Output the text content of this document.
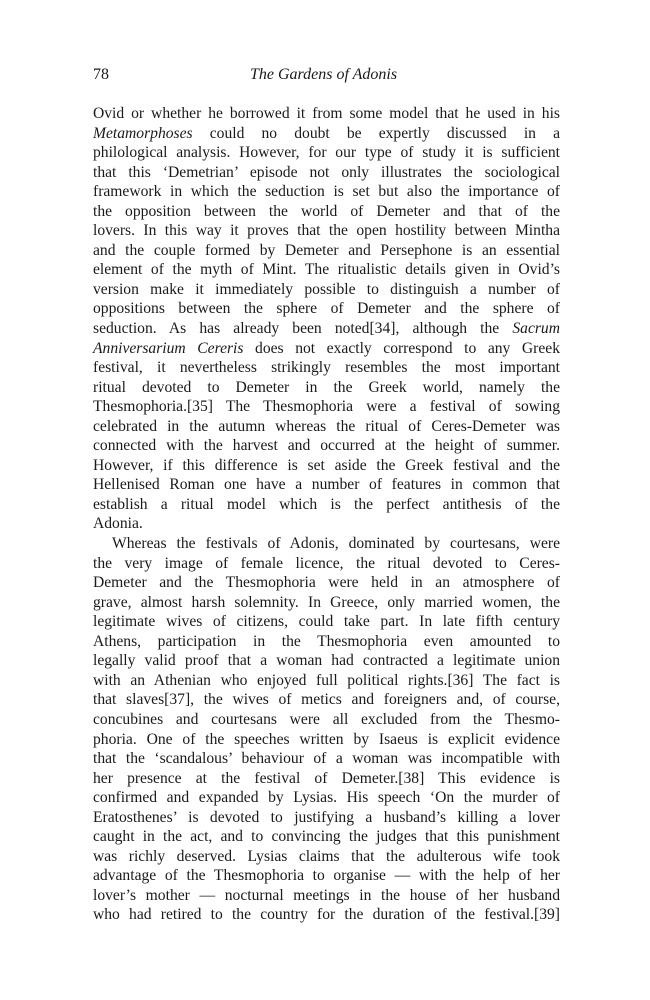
78	The Gardens of Adonis
Ovid or whether he borrowed it from some model that he used in his
Metamorphoses could no doubt be expertly discussed in a
philological analysis. However, for our type of study it is sufficient
that this ‘Demetrian’ episode not only illustrates the sociological
framework in which the seduction is set but also the importance of
the opposition between the world of Demeter and that of the
lovers. In this way it proves that the open hostility between Mintha
and the couple formed by Demeter and Persephone is an essential
element of the myth of Mint. The ritualistic details given in Ovid’s
version make it immediately possible to distinguish a number of
oppositions between the sphere of Demeter and the sphere of
seduction. As has already been noted[34], although the Sacrum
Anniversarium Cereris does not exactly correspond to any Greek
festival, it nevertheless strikingly resembles the most important
ritual devoted to Demeter in the Greek world, namely the
Thesmophoria.[35] The Thesmophoria were a festival of sowing
celebrated in the autumn whereas the ritual of Ceres-Demeter was
connected with the harvest and occurred at the height of summer.
However, if this difference is set aside the Greek festival and the
Hellenised Roman one have a number of features in common that
establish a ritual model which is the perfect antithesis of the
Adonia.
Whereas the festivals of Adonis, dominated by courtesans, were
the very image of female licence, the ritual devoted to Ceres-
Demeter and the Thesmophoria were held in an atmosphere of
grave, almost harsh solemnity. In Greece, only married women, the
legitimate wives of citizens, could take part. In late fifth century
Athens, participation in the Thesmophoria even amounted to
legally valid proof that a woman had contracted a legitimate union
with an Athenian who enjoyed full political rights.[36] The fact is
that slaves[37], the wives of metics and foreigners and, of course,
concubines and courtesans were all excluded from the Thesmo-
phoria. One of the speeches written by Isaeus is explicit evidence
that the ‘scandalous’ behaviour of a woman was incompatible with
her presence at the festival of Demeter.[38] This evidence is
confirmed and expanded by Lysias. His speech ‘On the murder of
Eratosthenes’ is devoted to justifying a husband’s killing a lover
caught in the act, and to convincing the judges that this punishment
was richly deserved. Lysias claims that the adulterous wife took
advantage of the Thesmophoria to organise — with the help of her
lover’s mother — nocturnal meetings in the house of her husband
who had retired to the country for the duration of the festival.[39]
